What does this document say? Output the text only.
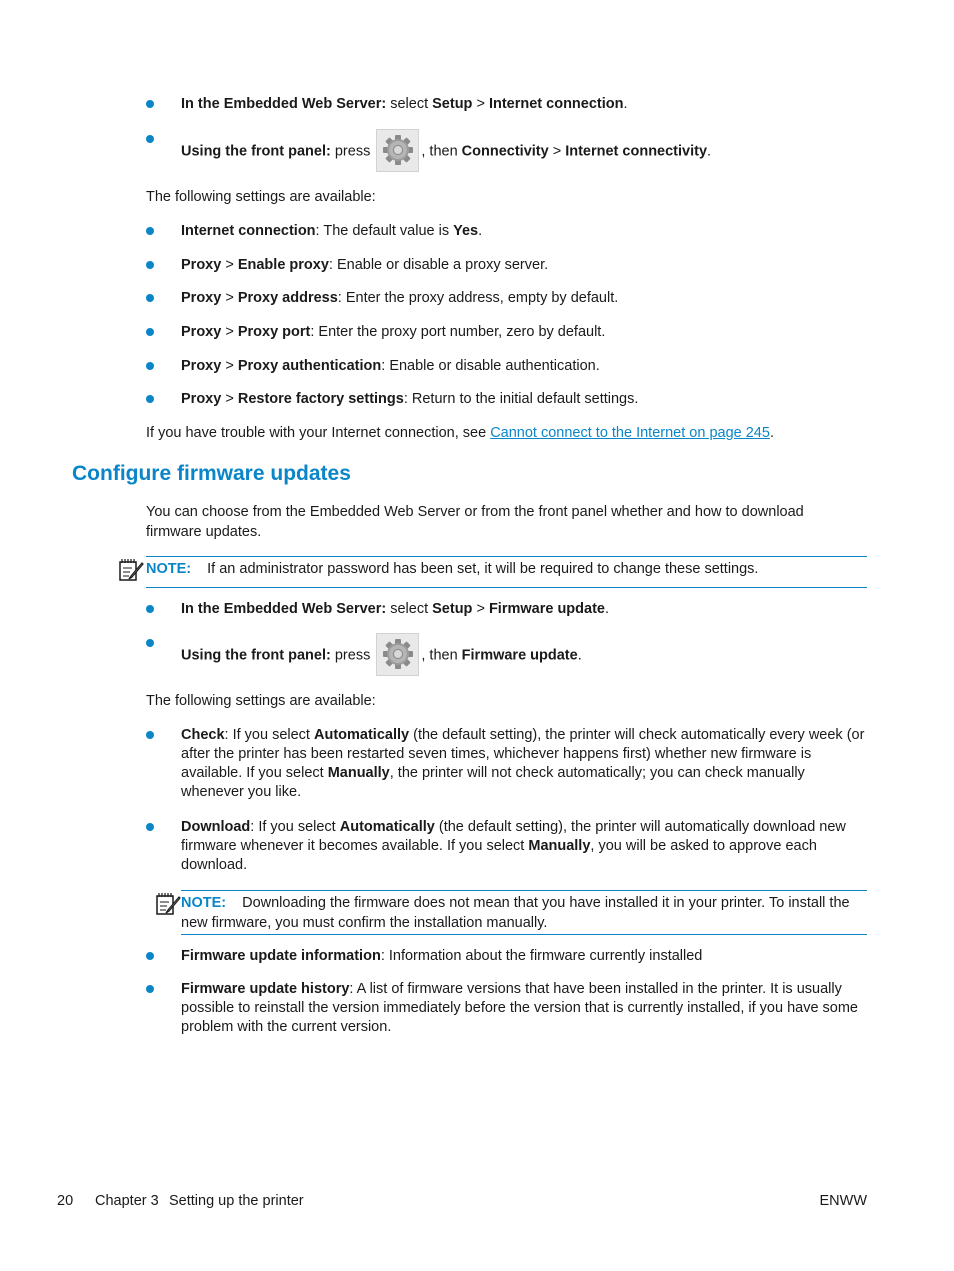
In the Embedded Web Server: select Setup > Internet connection.
Using the front panel: press	, then Connectivity > Internet connectivity.
The following settings are available:
Internet connection: The default value is Yes.
Proxy > Enable proxy: Enable or disable a proxy server.
Proxy > Proxy address: Enter the proxy address, empty by default.
Proxy > Proxy port: Enter the proxy port number, zero by default.
Proxy > Proxy authentication: Enable or disable authentication.
Proxy > Restore factory settings: Return to the initial default settings.
If you have trouble with your Internet connection, see Cannot connect to the Internet on page 245.
Configure firmware updates
You can choose from the Embedded Web Server or from the front panel whether and how to download firmware updates.
NOTE: If an administrator password has been set, it will be required to change these settings.
In the Embedded Web Server: select Setup > Firmware update.
Using the front panel: press	, then Firmware update.
The following settings are available:
Check: If you select Automatically (the default setting), the printer will check automatically every week (or after the printer has been restarted seven times, whichever happens first) whether new firmware is available. If you select Manually, the printer will not check automatically; you can check manually whenever you like.
Download: If you select Automatically (the default setting), the printer will automatically download new firmware whenever it becomes available. If you select Manually, you will be asked to approve each download.
NOTE: Downloading the firmware does not mean that you have installed it in your printer. To install the new firmware, you must confirm the installation manually.
Firmware update information: Information about the firmware currently installed
Firmware update history: A list of firmware versions that have been installed in the printer. It is usually possible to reinstall the version immediately before the version that is currently installed, if you have some problem with the current version.
20 Chapter 3 Setting up the printer	ENWW
